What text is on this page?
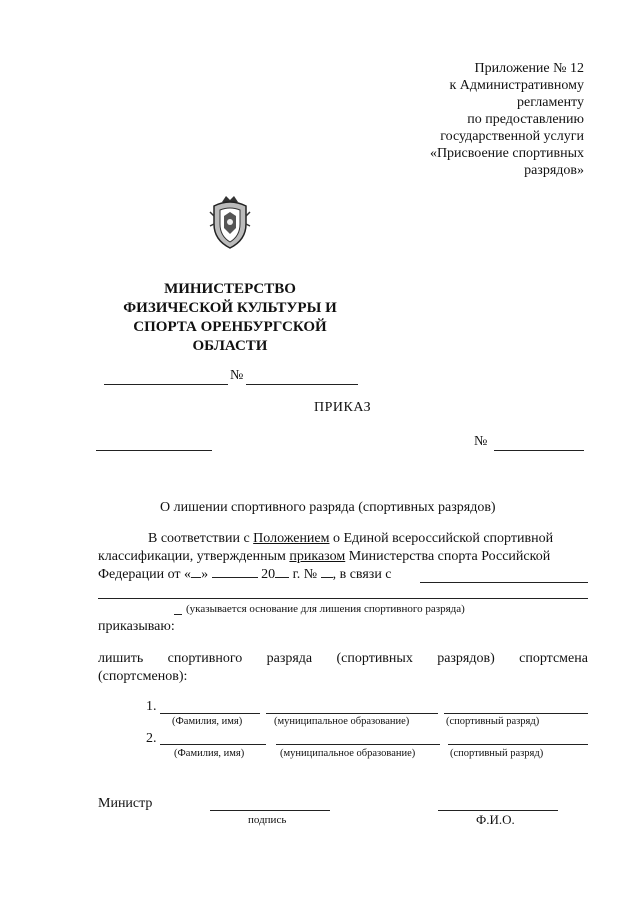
Приложение № 12
к Административному
регламенту
по предоставлению
государственной услуги
«Присвоение спортивных
разрядов»
МИНИСТЕРСТВО
ФИЗИЧЕСКОЙ КУЛЬТУРЫ И
СПОРТА ОРЕНБУРГСКОЙ
ОБЛАСТИ
№
ПРИКАЗ
№
О лишении спортивного разряда (спортивных разрядов)
В соответствии с Положением о Единой всероссийской спортивной
классификации, утвержденным приказом Министерства спорта Российской
Федерации от « »	20 г. № , в связи с
(указывается основание для лишения спортивного разряда)
приказываю:
лишить спортивного разряда (спортивных разрядов) спортсмена
(спортсменов):
1.
(Фамилия, имя)	(муниципальное образование)	(спортивный разряд)
2.
(Фамилия, имя)	(муниципальное образование)	(спортивный разряд)
Министр
подпись	Ф.И.О.
